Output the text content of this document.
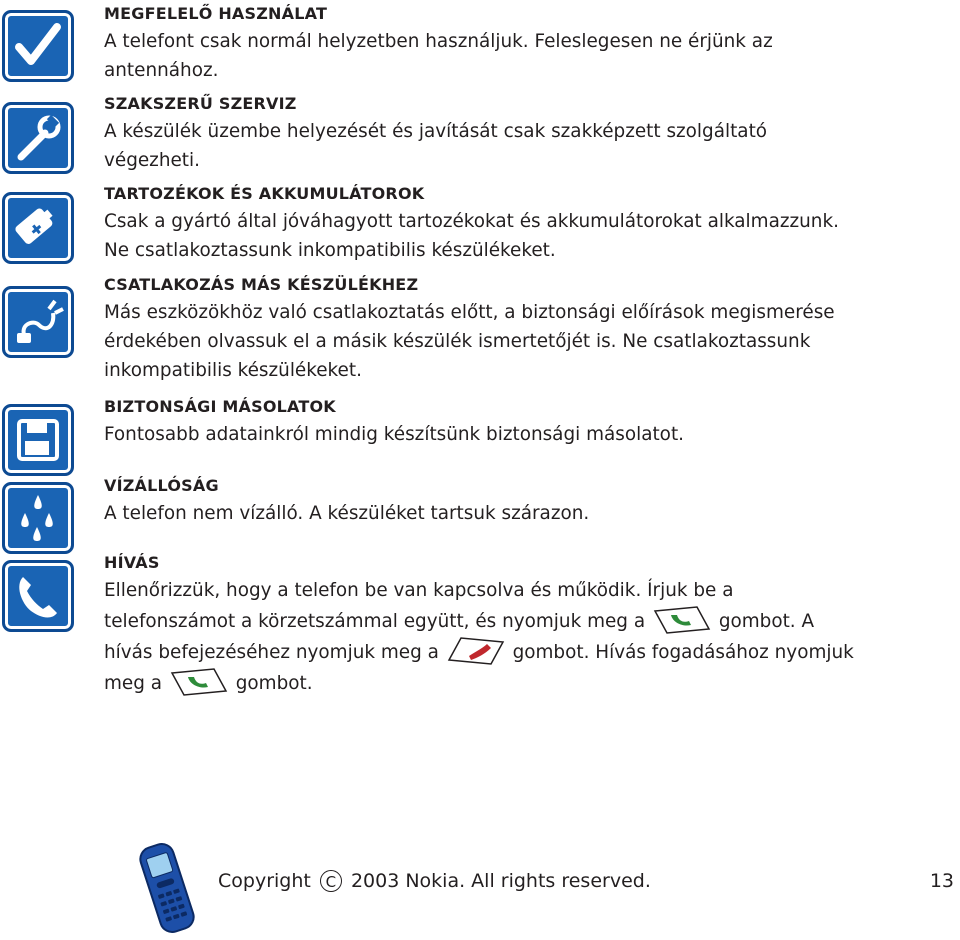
MEGFELELŐ HASZNÁLAT
A telefont csak normál helyzetben használjuk. Feleslegesen ne érjünk az
antennához.
SZAKSZERŰ SZERVIZ
A készülék üzembe helyezését és javítását csak szakképzett szolgáltató
végezheti.
TARTOZÉKOK ÉS AKKUMULÁTOROK
Csak a gyártó által jóváhagyott tartozékokat és akkumulátorokat alkalmazzunk.
Ne csatlakoztassunk inkompatibilis készülékeket.
CSATLAKOZÁS MÁS KÉSZÜLÉKHEZ
Más eszközökhöz való csatlakoztatás előtt, a biztonsági előírások megismerése
érdekében olvassuk el a másik készülék ismertetőjét is. Ne csatlakoztassunk
inkompatibilis készülékeket.
BIZTONSÁGI MÁSOLATOK
Fontosabb adatainkról mindig készítsünk biztonsági másolatot.
VÍZÁLLÓSÁG
A telefon nem vízálló. A készüléket tartsuk szárazon.
HÍVÁS
Ellenőrizzük, hogy a telefon be van kapcsolva és működik. Írjuk be a
telefonszámot a körzetszámmal együtt, és nyomjuk meg a	gombot. A
hívás befejezéséhez nyomjuk meg a	gombot. Hívás fogadásához nyomjuk
meg a	gombot.
Copyright C 2003 Nokia. All rights reserved.	13
